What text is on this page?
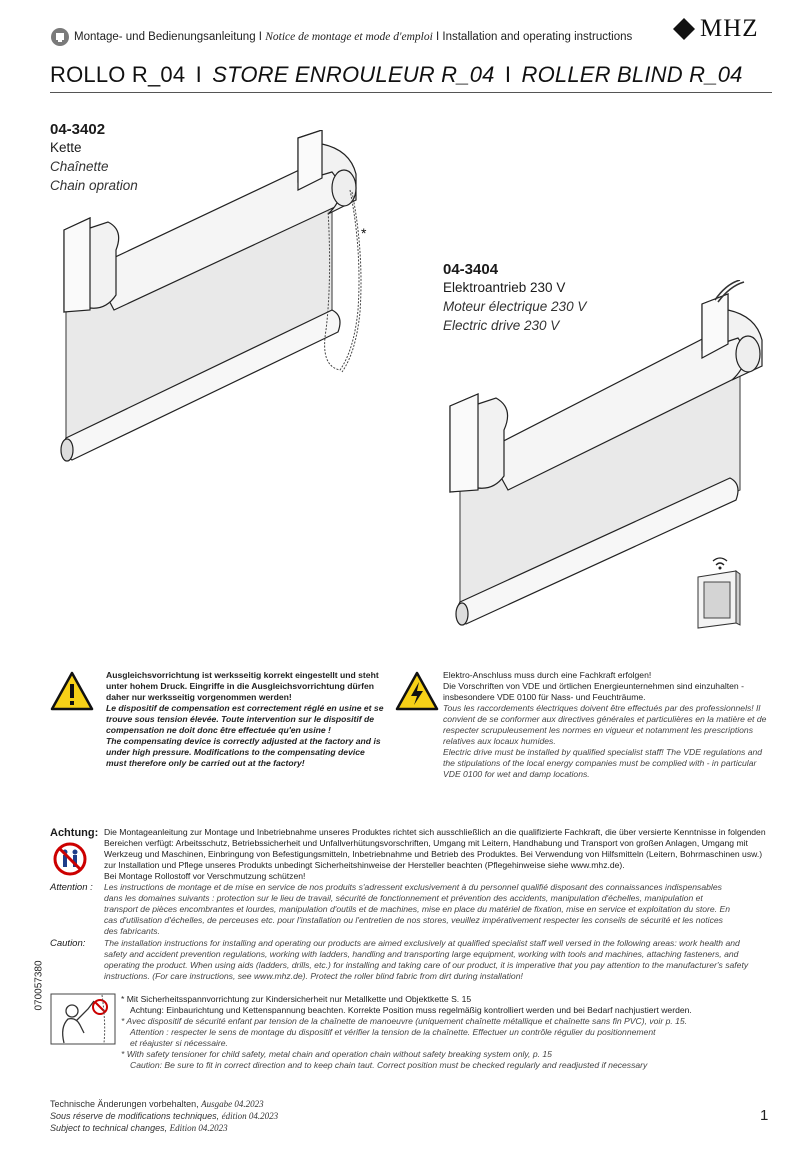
Montage- und Bedienungsanleitung I Notice de montage et mode d'emploi I Installation and operating instructions	MHZ
ROLLO R_04 I STORE ENROULEUR R_04 I ROLLER BLIND R_04
04-3402
Kette
Chaînette
Chain opration
*
04-3404
Elektroantrieb 230 V
Moteur électrique 230 V
Electric drive 230 V
Ausgleichsvorrichtung ist werksseitig korrekt eingestellt und steht unter hohem Druck. Eingriffe in die Ausgleichsvorrichtung dürfen daher nur werksseitig vorgenommen werden!
Le dispositif de compensation est correctement réglé en usine et se trouve sous tension élevée. Toute intervention sur le dispositif de compensation ne doit donc être effectuée qu'en usine !
The compensating device is correctly adjusted at the factory and is under high pressure. Modifications to the compensating device must therefore only be carried out at the factory!
Elektro-Anschluss muss durch eine Fachkraft erfolgen!
Die Vorschriften von VDE und örtlichen Energieunternehmen sind einzuhalten - insbesondere VDE 0100 für Nass- und Feuchträume.
Tous les raccordements électriques doivent être effectués par des professionnels! Il convient de se conformer aux directives générales et particulières en la matière et de respecter scrupuleusement les normes en vigueur et notamment les prescriptions relatives aux locaux humides.
Electric drive must be installed by qualified specialist staff! The VDE regulations and the stipulations of the local energy companies must be complied with - in particular VDE 0100 for wet and damp locations.
Achtung: Die Montageanleitung zur Montage und Inbetriebnahme unseres Produktes richtet sich ausschließlich an die qualifizierte Fachkraft, die über versierte Kenntnisse in folgenden Bereichen verfügt: Arbeitsschutz, Betriebssicherheit und Unfallverhütungsvorschriften, Umgang mit Leitern, Handhabung und Transport von großen Anlagen, Umgang mit Werkzeug und Maschinen, Einbringung von Befestigungsmitteln, Inbetriebnahme und Betrieb des Produktes. Bei Verwendung von Hilfsmitteln (Leitern, Bohrmaschinen usw.) zur Installation und Pflege unseres Produkts unbedingt Sicherheitshinweise der Hersteller beachten (Pflegehinweise siehe www.mhz.de).
Bei Montage Rollostoff vor Verschmutzung schützen!
Attention : Les instructions de montage et de mise en service de nos produits s'adressent exclusivement à du personnel qualifié disposant des connaissances indispensables dans les domaines suivants : protection sur le lieu de travail, sécurité de fonctionnement et prévention des accidents, manipulation d'échelles, manipulation et transport de pièces encombrantes et lourdes, manipulation d'outils et de machines, mise en place du matériel de fixation, mise en service et exploitation du store. En cas d'utilisation d'échelles, de perceuses etc. pour l'installation ou l'entretien de nos stores, veuillez impérativement respecter les conseils de sécurité et les notices des fabricants.
Caution: The installation instructions for installing and operating our products are aimed exclusively at qualified specialist staff well versed in the following areas: work health and safety and accident prevention regulations, working with ladders, handling and transporting large equipment, working with tools and machines, attaching fasteners, and operating the product. When using aids (ladders, drills, etc.) for installing and taking care of our product, it is imperative that you pay attention to the manufacturer's safety instructions. (For care instructions, see www.mhz.de). Protect the roller blind fabric from dirt during installation!
070057380	* Mit Sicherheitsspannvorrichtung zur Kindersicherheit nur Metallkette und Objektkette S. 15
Achtung: Einbaurichtung und Kettenspannung beachten. Korrekte Position muss regelmäßig kontrolliert werden und bei Bedarf nachjustiert werden.
* Avec dispositif de sécurité enfant par tension de la chaînette de manoeuvre (uniquement chaînette métallique et chaînette sans fin PVC), voir p. 15.
Attention : respecter le sens de montage du dispositif et vérifier la tension de la chaînette. Effectuer un contrôle régulier du positionnement
et réajuster si nécessaire.
* With safety tensioner for child safety, metal chain and operation chain without safety breaking system only, p. 15
Caution: Be sure to fit in correct direction and to keep chain taut. Correct position must be checked regularly and readjusted if necessary
Technische Änderungen vorbehalten, Ausgabe 04.2023
Sous réserve de modifications techniques, édition 04.2023
Subject to technical changes, Edition 04.2023
1
